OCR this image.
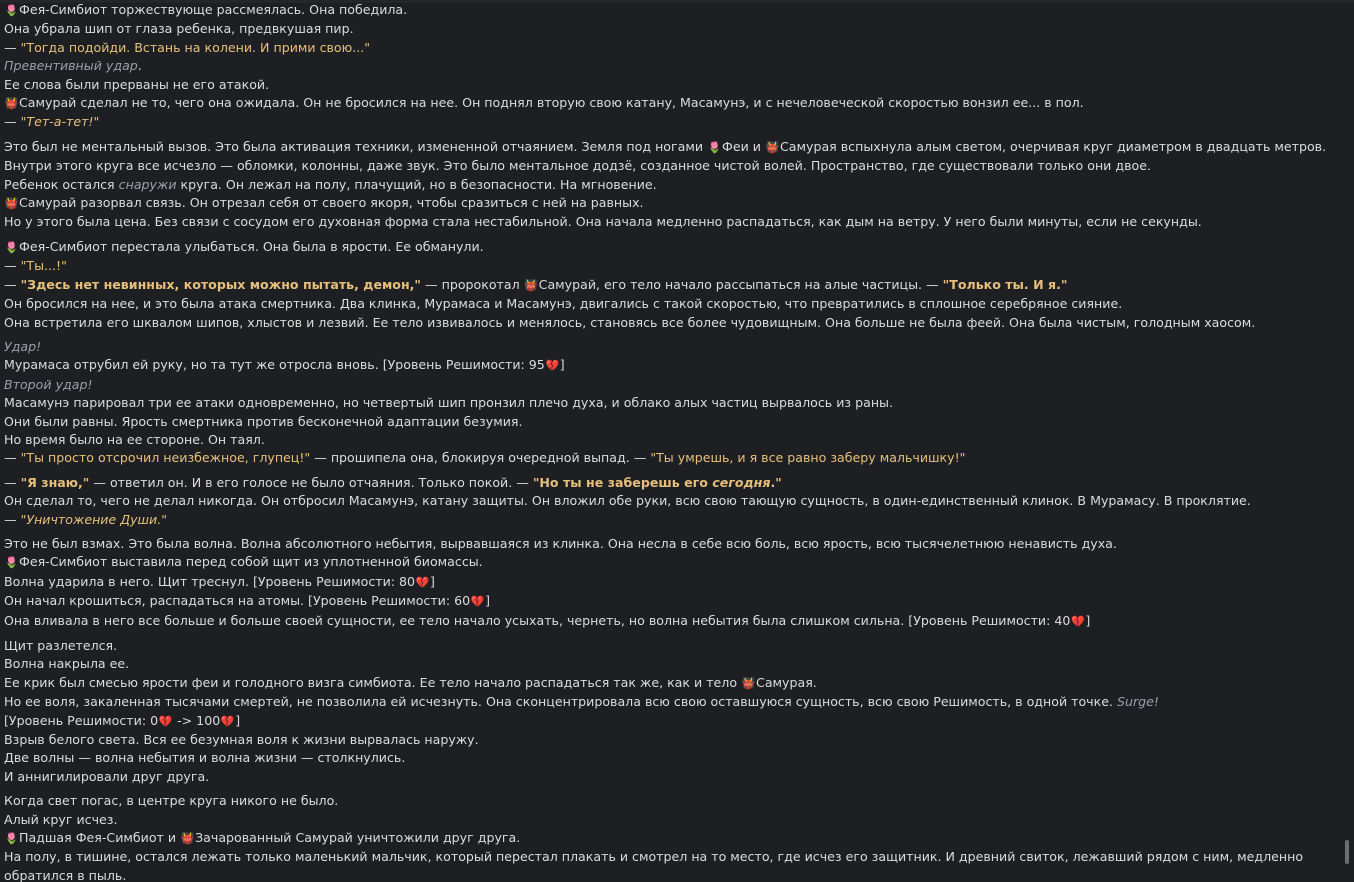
🌷Фея-Симбиот торжествующе рассмеялась. Она победила.
Она убрала шип от глаза ребенка, предвкушая пир.
— "Тогда подойди. Встань на колени. И прими свою..."
Превентивный удар.
Ее слова были прерваны не его атакой.
👹Самурай сделал не то, чего она ожидала. Он не бросился на нее. Он поднял вторую свою катану, Масамунэ, и с нечеловеческой скоростью вонзил ее... в пол.
— "Тет-а-тет!"
Это был не ментальный вызов. Это была активация техники, измененной отчаянием. Земля под ногами 🌷Феи и 👹Самурая вспыхнула алым светом, очерчивая круг диаметром в двадцать метров.
Внутри этого круга все исчезло — обломки, колонны, даже звук. Это было ментальное додзё, созданное чистой волей. Пространство, где существовали только они двое.
Ребенок остался снаружи круга. Он лежал на полу, плачущий, но в безопасности. На мгновение.
👹Самурай разорвал связь. Он отрезал себя от своего якоря, чтобы сразиться с ней на равных.
Но у этого была цена. Без связи с сосудом его духовная форма стала нестабильной. Она начала медленно распадаться, как дым на ветру. У него были минуты, если не секунды.
🌷Фея-Симбиот перестала улыбаться. Она была в ярости. Ее обманули.
— "Ты...!"
— "Здесь нет невинных, которых можно пытать, демон," — пророкотал 👹Самурай, его тело начало рассыпаться на алые частицы. — "Только ты. И я."
Он бросился на нее, и это была атака смертника. Два клинка, Мурамаса и Масамунэ, двигались с такой скоростью, что превратились в сплошное серебряное сияние.
Она встретила его шквалом шипов, хлыстов и лезвий. Ее тело извивалось и менялось, становясь все более чудовищным. Она больше не была феей. Она была чистым, голодным хаосом.
Удар!
Мурамаса отрубил ей руку, но та тут же отросла вновь. [Уровень Решимости: 95💔]
Второй удар!
Масамунэ парировал три ее атаки одновременно, но четвертый шип пронзил плечо духа, и облако алых частиц вырвалось из раны.
Они были равны. Ярость смертника против бесконечной адаптации безумия.
Но время было на ее стороне. Он таял.
— "Ты просто отсрочил неизбежное, глупец!" — прошипела она, блокируя очередной выпад. — "Ты умрешь, и я все равно заберу мальчишку!"
— "Я знаю," — ответил он. И в его голосе не было отчаяния. Только покой. — "Но ты не заберешь его сегодня."
Он сделал то, чего не делал никогда. Он отбросил Масамунэ, катану защиты. Он вложил обе руки, всю свою тающую сущность, в один-единственный клинок. В Мурамасу. В проклятие.
— "Уничтожение Души."
Это не был взмах. Это была волна. Волна абсолютного небытия, вырвавшаяся из клинка. Она несла в себе всю боль, всю ярость, всю тысячелетнюю ненависть духа.
🌷Фея-Симбиот выставила перед собой щит из уплотненной биомассы.
Волна ударила в него. Щит треснул. [Уровень Решимости: 80💔]
Он начал крошиться, распадаться на атомы. [Уровень Решимости: 60💔]
Она вливала в него все больше и больше своей сущности, ее тело начало усыхать, чернеть, но волна небытия была слишком сильна. [Уровень Решимости: 40💔]
Щит разлетелся.
Волна накрыла ее.
Ее крик был смесью ярости феи и голодного визга симбиота. Ее тело начало распадаться так же, как и тело 👹Самурая.
Но ее воля, закаленная тысячами смертей, не позволила ей исчезнуть. Она сконцентрировала всю свою оставшуюся сущность, всю свою Решимость, в одной точке. Surge!
[Уровень Решимости: 0💔 -> 100💔]
Взрыв белого света. Вся ее безумная воля к жизни вырвалась наружу.
Две волны — волна небытия и волна жизни — столкнулись.
И аннигилировали друг друга.
Когда свет погас, в центре круга никого не было.
Алый круг исчез.
🌷Падшая Фея-Симбиот и 👹Зачарованный Самурай уничтожили друг друга.
На полу, в тишине, остался лежать только маленький мальчик, который перестал плакать и смотрел на то место, где исчез его защитник. И древний свиток, лежавший рядом с ним, медленно обратился в пыль.
